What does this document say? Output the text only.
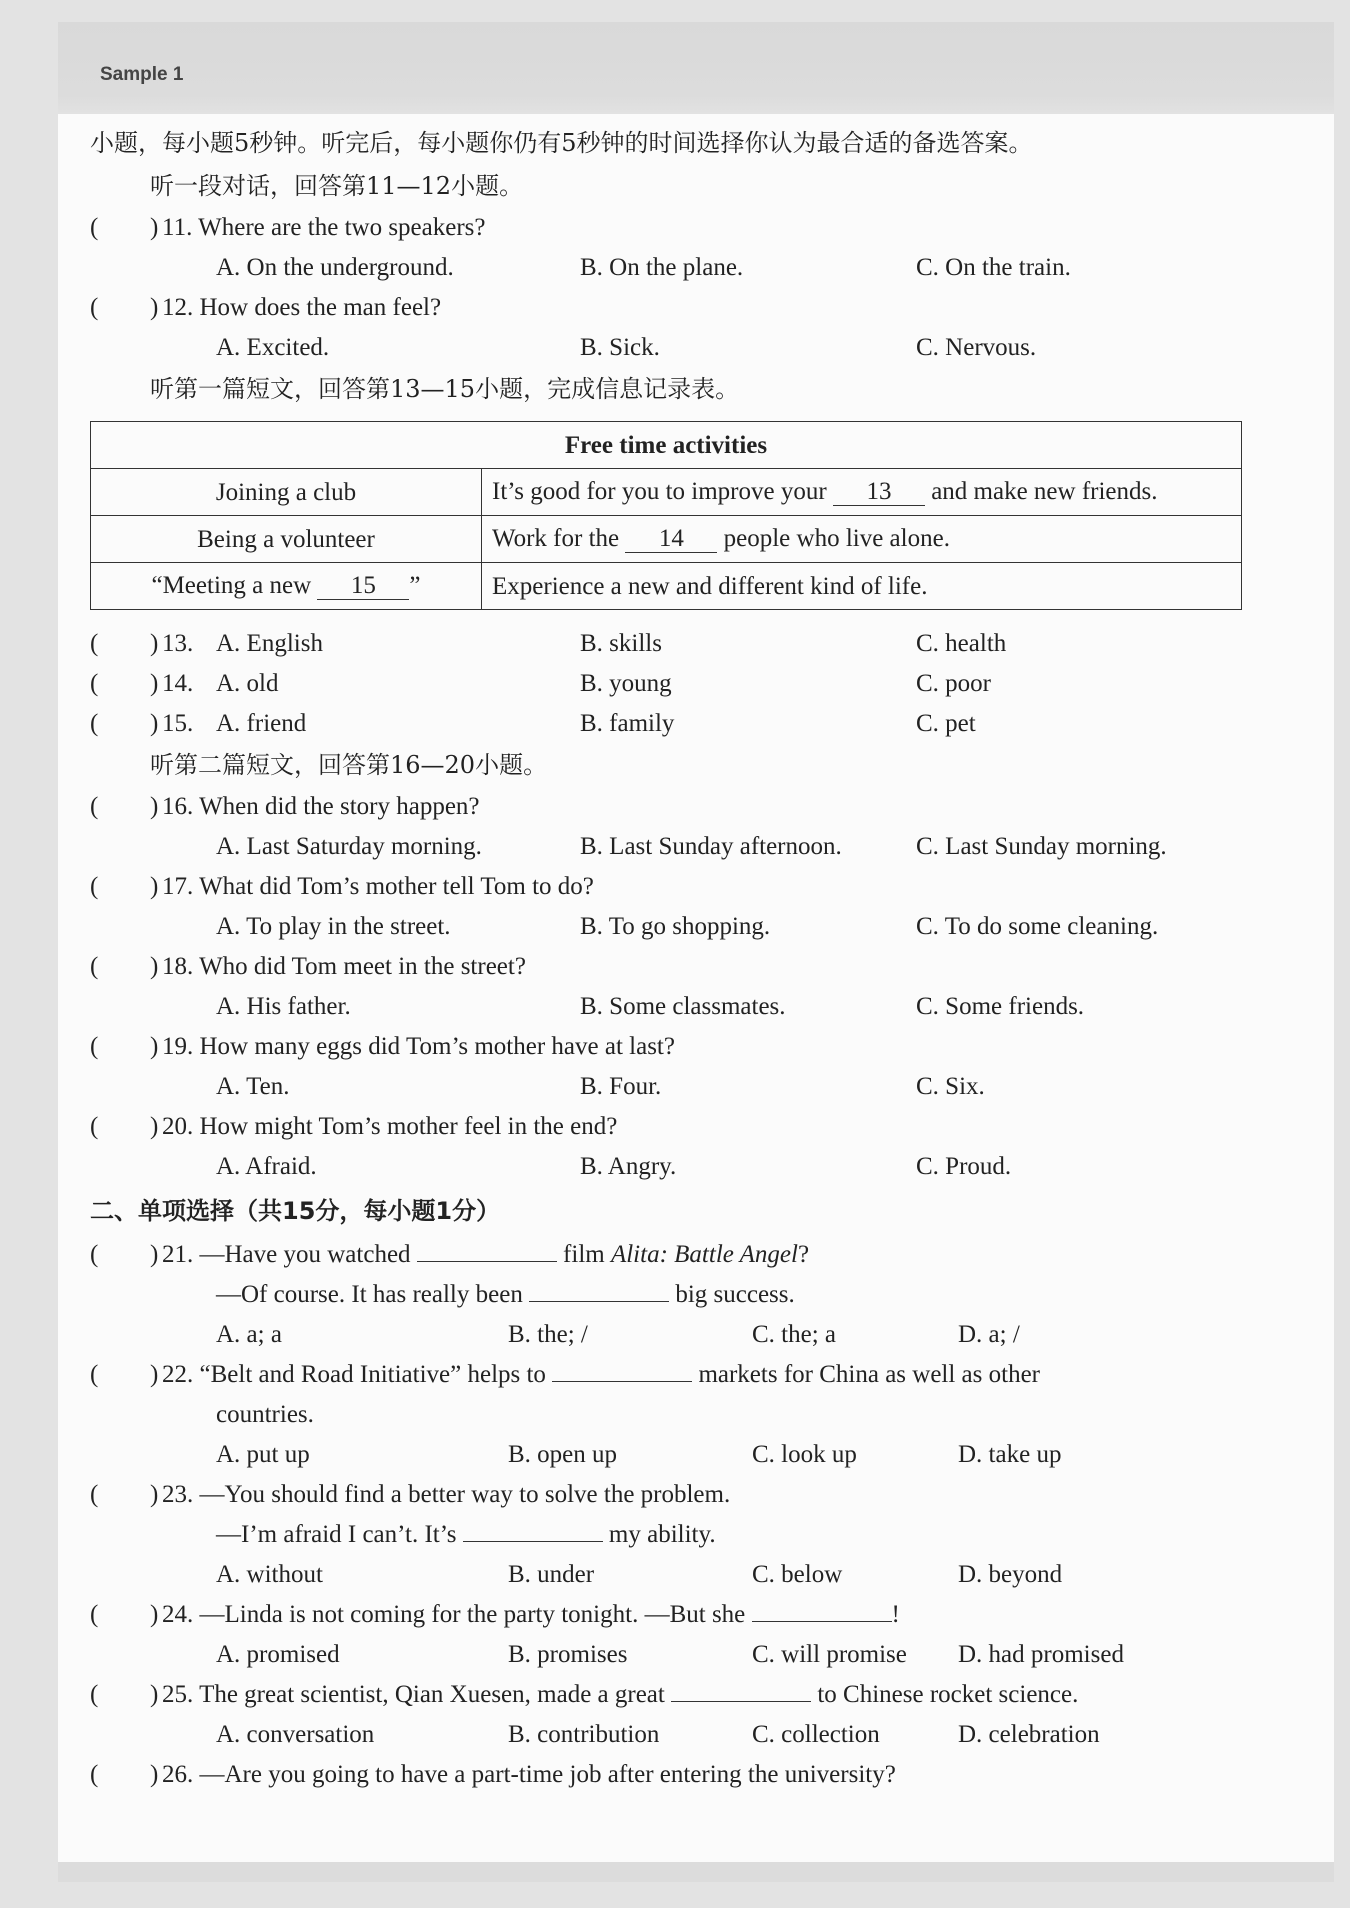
Sample 1

小题，每小题5秒钟。听完后，每小题你仍有5秒钟的时间选择你认为最合适的备选答案。

听一段对话，回答第11—12小题。

( ) 11. Where are the two speakers?
A. On the underground.	B. On the plane.	C. On the train.
( ) 12. How does the man feel?
A. Excited.	B. Sick.	C. Nervous.

听第一篇短文，回答第13—15小题，完成信息记录表。

Free time activities	
Joining a club	It’s good for you to improve your 13 and make new friends.
Being a volunteer	Work for the 14 people who live alone.
“Meeting a new 15 ”	Experience a new and different kind of life.
( ) 13. A. English	B. skills	C. health
( ) 14. A. old	B. young	C. poor
( ) 15. A. friend	B. family	C. pet

听第二篇短文，回答第16—20小题。

( ) 16. When did the story happen?
A. Last Saturday morning.	B. Last Sunday afternoon.	C. Last Sunday morning.
( ) 17. What did Tom’s mother tell Tom to do?
A. To play in the street.	B. To go shopping.	C. To do some cleaning.
( ) 18. Who did Tom meet in the street?
A. His father.	B. Some classmates.	C. Some friends.
( ) 19. How many eggs did Tom’s mother have at last?
A. Ten.	B. Four.	C. Six.
( ) 20. How might Tom’s mother feel in the end?
A. Afraid.	B. Angry.	C. Proud.
二、单项选择（共15分，每小题1分）
( ) 21. —Have you watched	film Alita: Battle Angel?
—Of course. It has really been	big success.
A. a; a	B. the; /	C. the; a	D. a; /
( ) 22. “Belt and Road Initiative” helps to	markets for China as well as other
countries.
A. put up	B. open up	C. look up	D. take up
( ) 23. —You should find a better way to solve the problem.
—I’m afraid I can’t. It’s	my ability.
A. without	B. under	C. below	D. beyond
( ) 24. —Linda is not coming for the party tonight. —But she	!
A. promised	B. promises	C. will promise D. had promised
( ) 25. The great scientist, Qian Xuesen, made a great	to Chinese rocket science.
A. conversation	B. contribution	C. collection	D. celebration
( ) 26. —Are you going to have a part-time job after entering the university?
